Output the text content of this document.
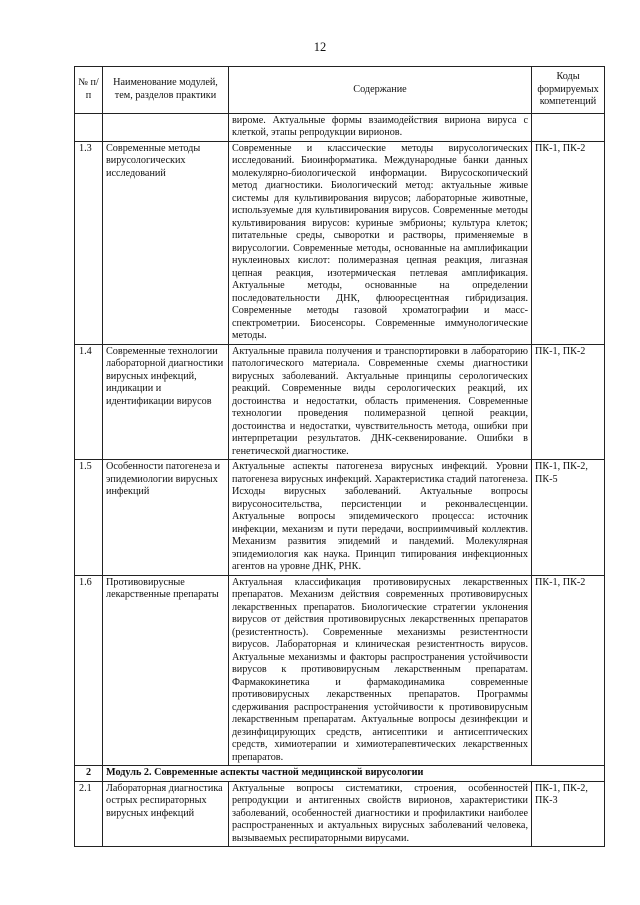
12
№ п/п	Наименование модулей, тем, разделов практики	Содержание	Коды формируемых компетенций
		вироме. Актуальные формы взаимодействия вириона вируса с клеткой, этапы репродукции вирионов.	
1.3	Современные методы вирусологических исследований	Современные и классические методы вирусологических исследований. Биоинформатика. Международные банки данных молекулярно-биологической информации. Вирусоскопический метод диагностики. Биологический метод: актуальные живые системы для культивирования вирусов; лабораторные животные, используемые для культивирования вирусов. Современные методы культивирования вирусов: куриные эмбрионы; культура клеток; питательные среды, сыворотки и растворы, применяемые в вирусологии. Современные методы, основанные на амплификации нуклеиновых кислот: полимеразная цепная реакция, лигазная цепная реакция, изотермическая петлевая амплификация. Актуальные методы, основанные на определении последовательности ДНК, флюоресцентная гибридизация. Современные методы газовой хроматографии и масс-спектрометрии. Биосенсоры. Современные иммунологические методы.	ПК-1, ПК-2
1.4	Современные технологии лабораторной диагностики вирусных инфекций, индикации и идентификации вирусов	Актуальные правила получения и транспортировки в лабораторию патологического материала. Современные схемы диагностики вирусных заболеваний. Актуальные принципы серологических реакций. Современные виды серологических реакций, их достоинства и недостатки, область применения. Современные технологии проведения полимеразной цепной реакции, достоинства и недостатки, чувствительность метода, ошибки при интерпретации результатов. ДНК-секвенирование. Ошибки в генетической диагностике.	ПК-1, ПК-2
1.5	Особенности патогенеза и эпидемиологии вирусных инфекций	Актуальные аспекты патогенеза вирусных инфекций. Уровни патогенеза вирусных инфекций. Характеристика стадий патогенеза. Исходы вирусных заболеваний. Актуальные вопросы вирусоносительства, персистенции и реконвалесценции. Актуальные вопросы эпидемического процесса: источник инфекции, механизм и пути передачи, восприимчивый коллектив. Механизм развития эпидемий и пандемий. Молекулярная эпидемиология как наука. Принцип типирования инфекционных агентов на уровне ДНК, РНК.	ПК-1, ПК-2, ПК-5
1.6	Противовирусные лекарственные препараты	Актуальная классификация противовирусных лекарственных препаратов. Механизм действия современных противовирусных лекарственных препаратов. Биологические стратегии уклонения вирусов от действия противовирусных лекарственных препаратов (резистентность). Современные механизмы резистентности вирусов. Лабораторная и клиническая резистентность вирусов. Актуальные механизмы и факторы распространения устойчивости вирусов к противовирусным лекарственным препаратам. Фармакокинетика и фармакодинамика современные противовирусных лекарственных препаратов. Программы сдерживания распространения устойчивости к противовирусным лекарственным препаратам. Актуальные вопросы дезинфекции и дезинфицирующих средств, антисептики и антисептических средств, химиотерапии и химиотерапевтических лекарственных препаратов.	ПК-1, ПК-2
2	Модуль 2. Современные аспекты частной медицинской вирусологии		
2.1	Лабораторная диагностика острых респираторных вирусных инфекций	Актуальные вопросы систематики, строения, особенностей репродукции и антигенных свойств вирионов, характеристики заболеваний, особенностей диагностики и профилактики наиболее распространенных и актуальных вирусных заболеваний человека, вызываемых респираторными вирусами.	ПК-1, ПК-2, ПК-3
